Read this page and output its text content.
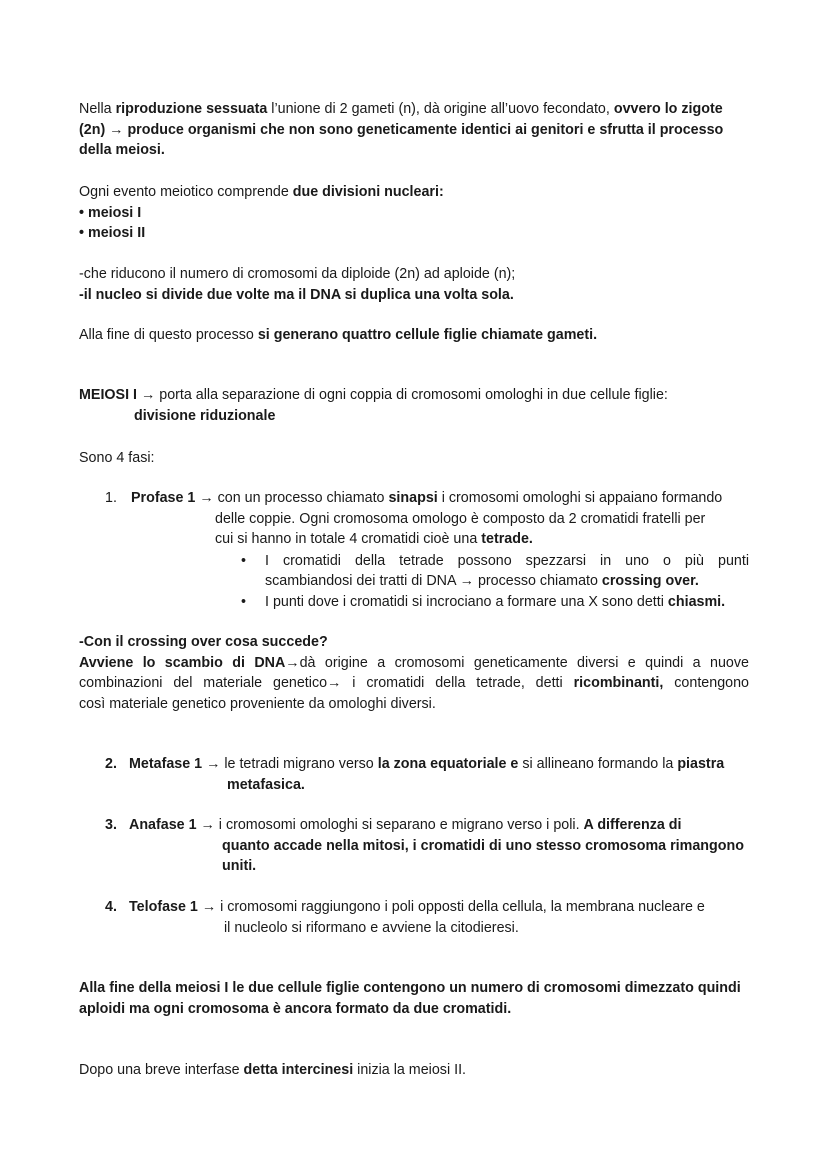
Nella riproduzione sessuata l’unione di 2 gameti (n), dà origine all’uovo fecondato, ovvero lo zigote
(2n) → produce organismi che non sono geneticamente identici ai genitori e sfrutta il processo
della meiosi.
Ogni evento meiotico comprende due divisioni nucleari:
• meiosi I
• meiosi II
-che riducono il numero di cromosomi da diploide (2n) ad aploide (n);
-il nucleo si divide due volte ma il DNA si duplica una volta sola.
Alla fine di questo processo si generano quattro cellule figlie chiamate gameti.
MEIOSI I → porta alla separazione di ogni coppia di cromosomi omologhi in due cellule figlie:
divisione riduzionale
Sono 4 fasi:
1. Profase 1 → con un processo chiamato sinapsi i cromosomi omologhi si appaiano formando
delle coppie. Ogni cromosoma omologo è composto da 2 cromatidi fratelli per
cui si hanno in totale 4 cromatidi cioè una tetrade.
• I cromatidi della tetrade possono spezzarsi in uno o più punti
scambiandosi dei tratti di DNA → processo chiamato crossing over.
• I punti dove i cromatidi si incrociano a formare una X sono detti chiasmi.
-Con il crossing over cosa succede?
Avviene lo scambio di DNA→dà origine a cromosomi geneticamente diversi e quindi a nuove
combinazioni del materiale genetico→ i cromatidi della tetrade, detti ricombinanti, contengono
così materiale genetico proveniente da omologhi diversi.
2. Metafase 1 → le tetradi migrano verso la zona equatoriale e si allineano formando la piastra
metafasica.
3. Anafase 1 → i cromosomi omologhi si separano e migrano verso i poli. A differenza di
quanto accade nella mitosi, i cromatidi di uno stesso cromosoma rimangono
uniti.
4. Telofase 1 → i cromosomi raggiungono i poli opposti della cellula, la membrana nucleare e
il nucleolo si riformano e avviene la citodieresi.
Alla fine della meiosi I le due cellule figlie contengono un numero di cromosomi dimezzato quindi
aploidi ma ogni cromosoma è ancora formato da due cromatidi.
Dopo una breve interfase detta intercinesi inizia la meiosi II.
